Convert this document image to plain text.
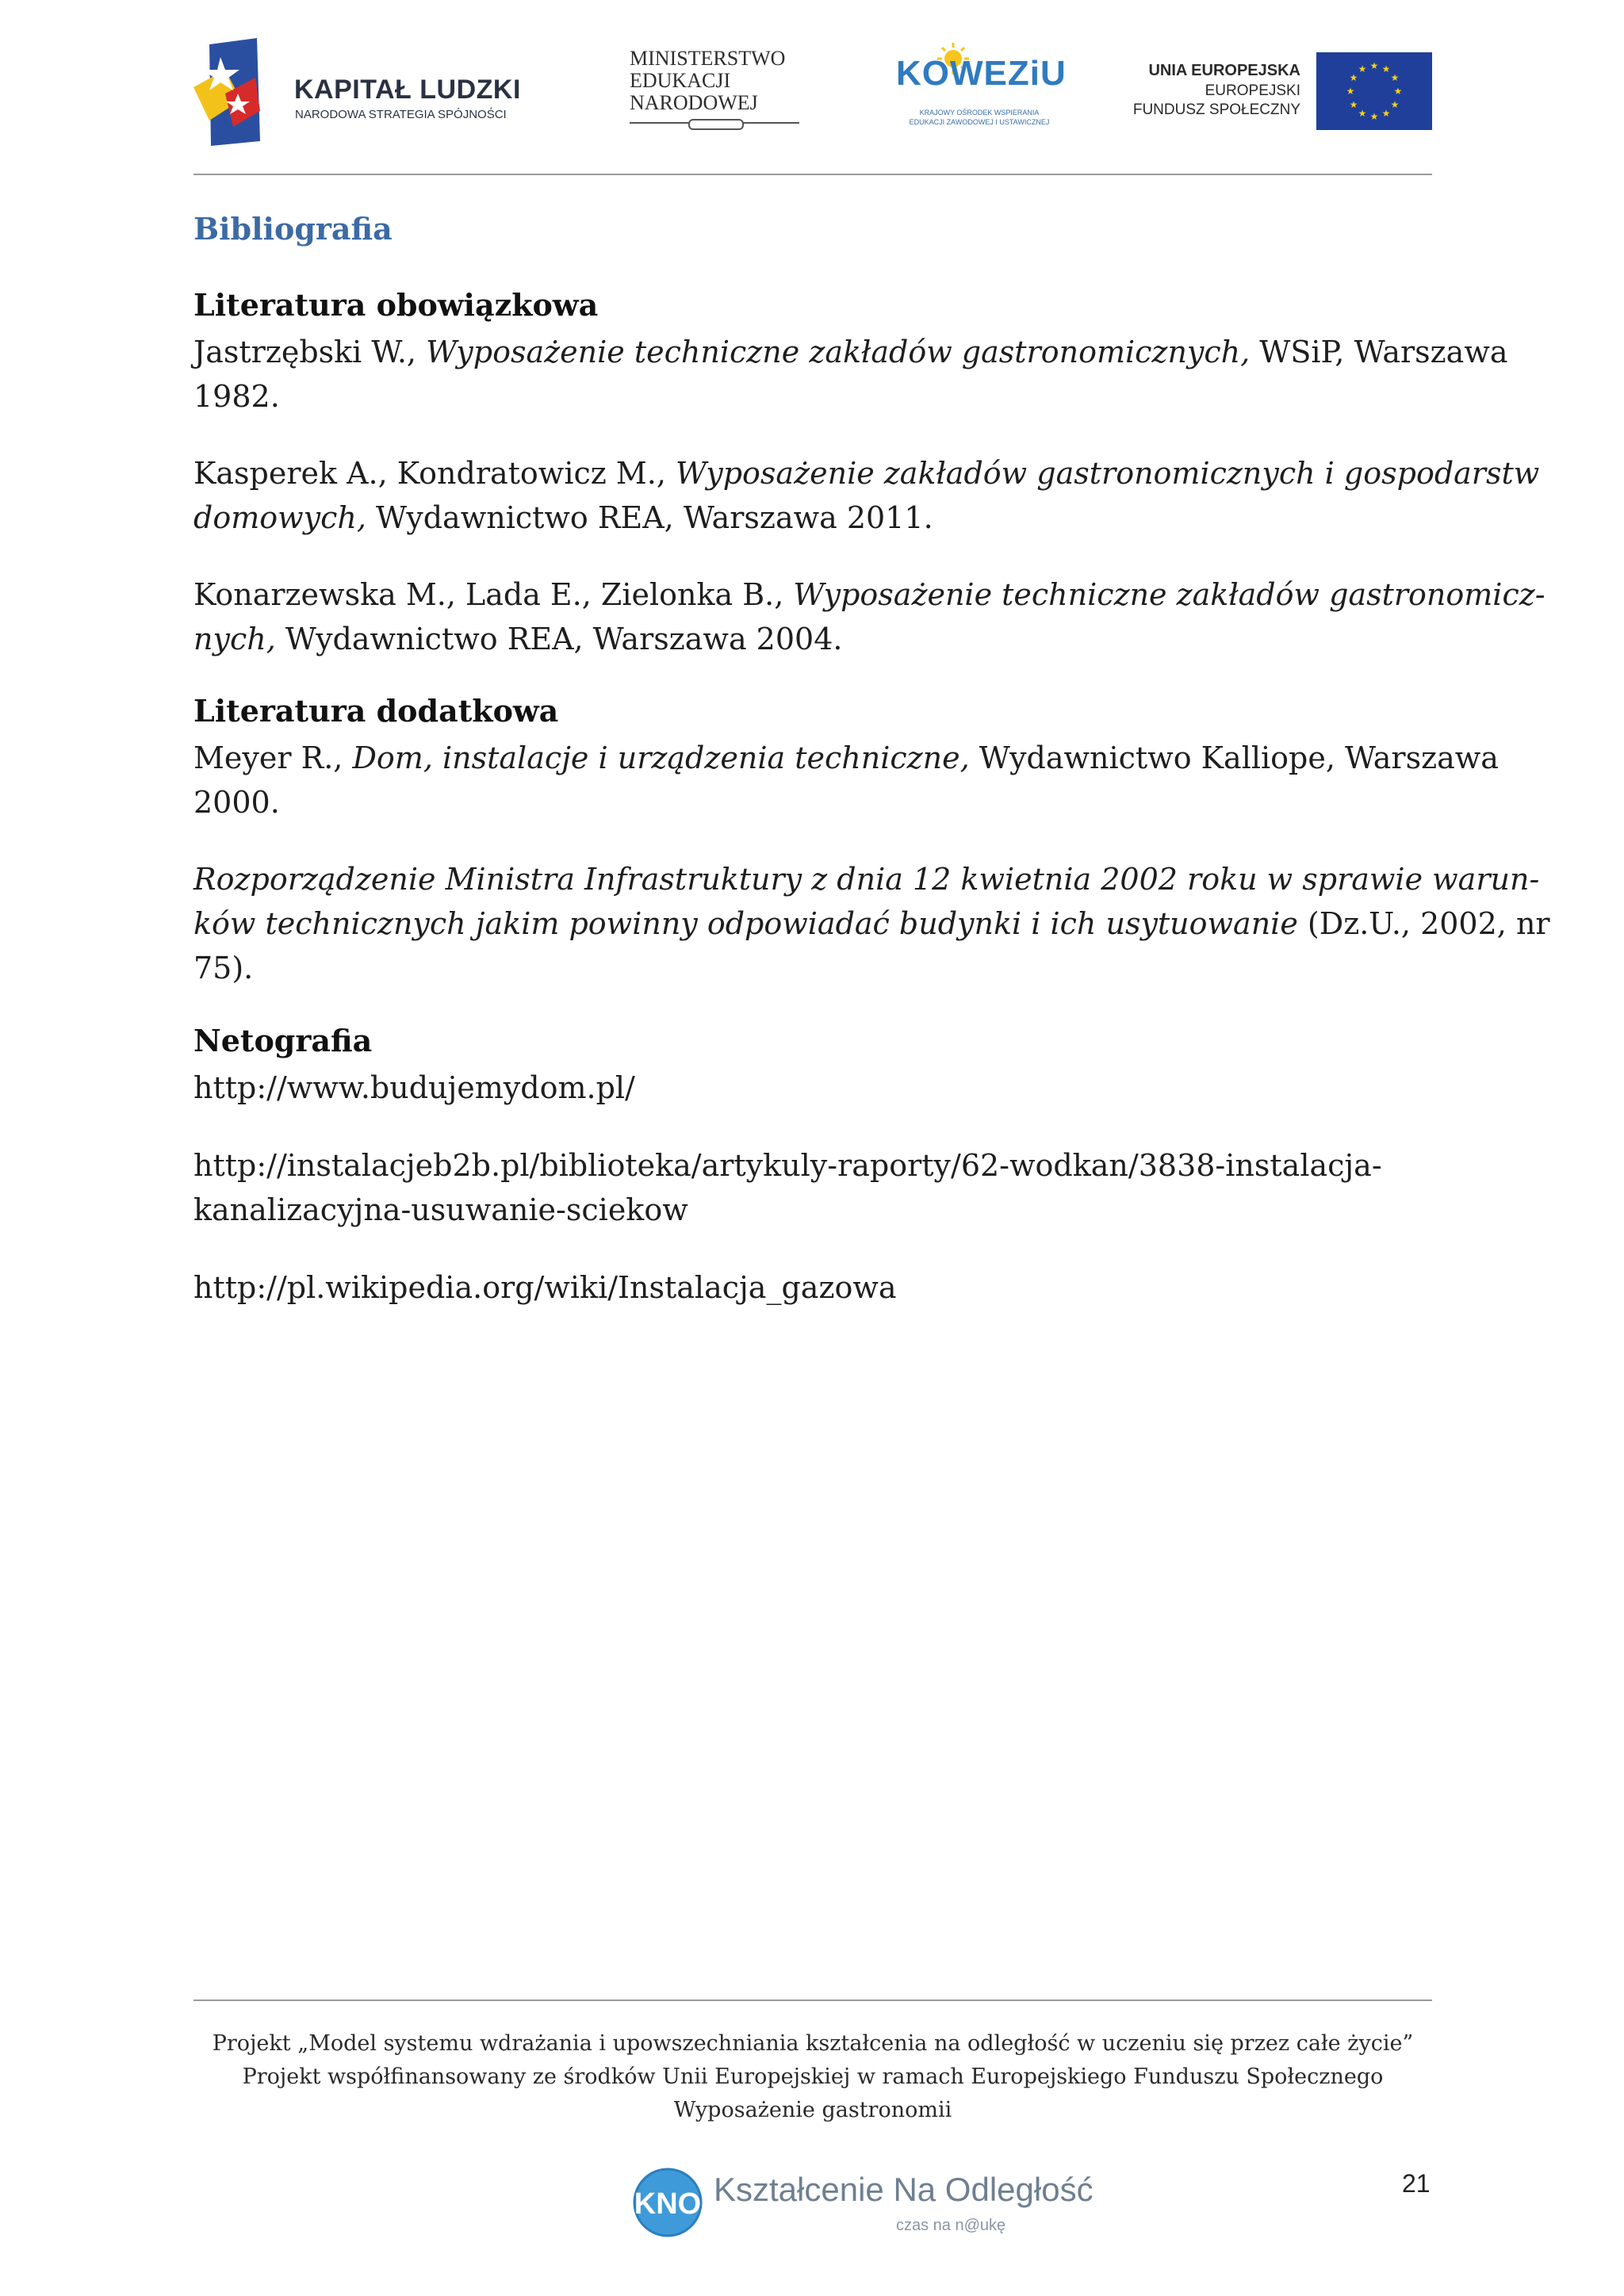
KAPITAŁ LUDZKI
NARODOWA STRATEGIA SPÓJNOŚCI
MINISTERSTWO
EDUKACJI
NARODOWEJ
KOWEZiU
KRAJOWY OŚRODEK WSPIERANIA
EDUKACJI ZAWODOWEJ I USTAWICZNEJ
UNIA EUROPEJSKA
EUROPEJSKI
FUNDUSZ SPOŁECZNY
★ ★
★
★
★
★
★
★
★
★
★
★
Bibliografia
Literatura obowiązkowa
Jastrzębski W., Wyposażenie techniczne zakładów gastronomicznych, WSiP, Warszawa
1982.
Kasperek A., Kondratowicz M., Wyposażenie zakładów gastronomicznych i gospodarstw
domowych, Wydawnictwo REA, Warszawa 2011.
Konarzewska M., Lada E., Zielonka B., Wyposażenie techniczne zakładów gastronomicz-
nych, Wydawnictwo REA, Warszawa 2004.
Literatura dodatkowa
Meyer R., Dom, instalacje i urządzenia techniczne, Wydawnictwo Kalliope, Warszawa
2000.
Rozporządzenie Ministra Infrastruktury z dnia 12 kwietnia 2002 roku w sprawie warun-
ków technicznych jakim powinny odpowiadać budynki i ich usytuowanie (Dz.U., 2002, nr
75).
Netografia
http://www.budujemydom.pl/
http://instalacjeb2b.pl/biblioteka/artykuly-raporty/62-wodkan/3838-instalacja-
kanalizacyjna-usuwanie-sciekow
http://pl.wikipedia.org/wiki/Instalacja_gazowa
Projekt „Model systemu wdrażania i upowszechniania kształcenia na odległość w uczeniu się przez całe życie”
Projekt współfinansowany ze środków Unii Europejskiej w ramach Europejskiego Funduszu Społecznego
Wyposażenie gastronomii
KNO Kształcenie Na Odległość
czas na n@ukę
21
